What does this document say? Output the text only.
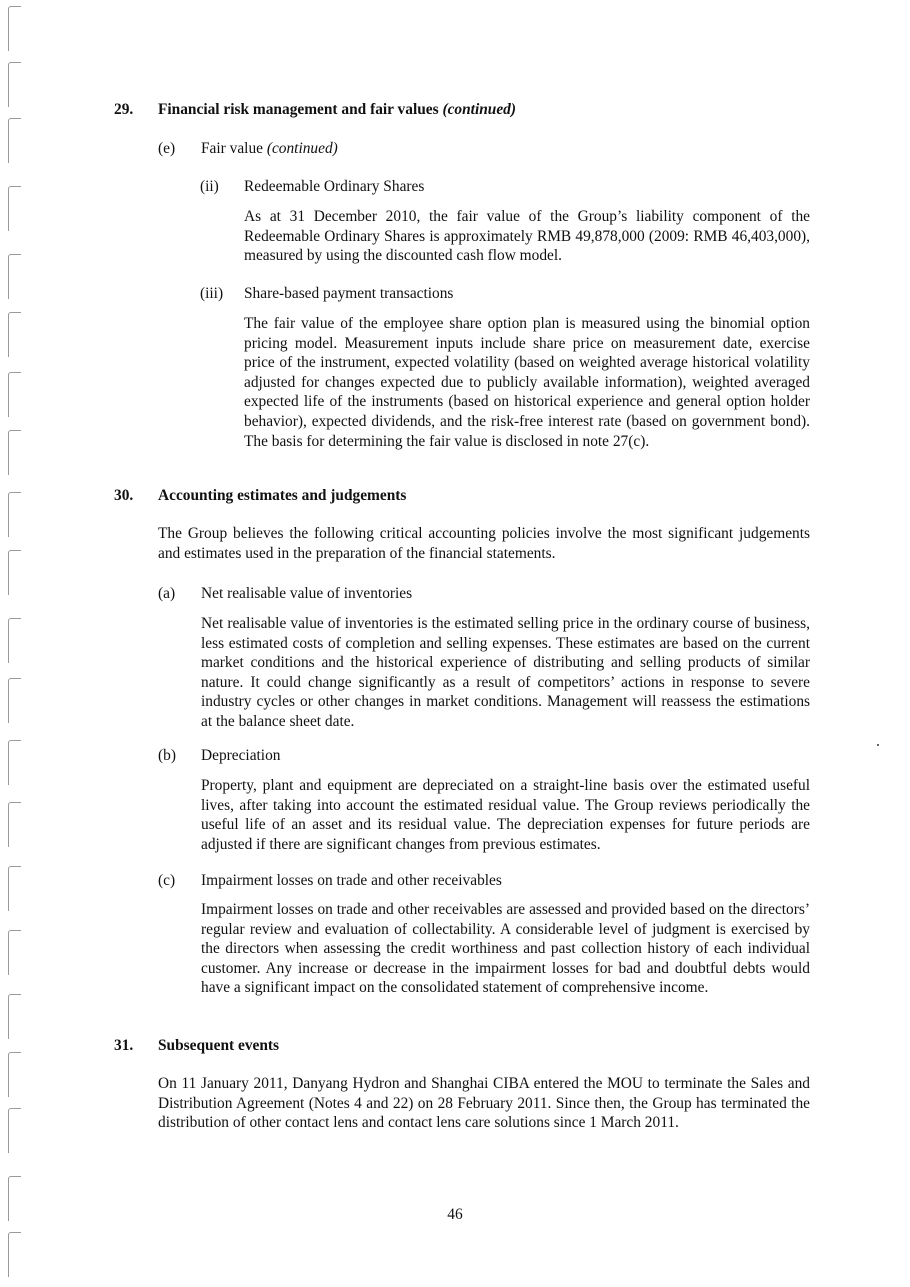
29. Financial risk management and fair values (continued)
(e) Fair value (continued)
(ii) Redeemable Ordinary Shares
As at 31 December 2010, the fair value of the Group’s liability component of the Redeemable Ordinary Shares is approximately RMB 49,878,000 (2009: RMB 46,403,000), measured by using the discounted cash flow model.
(iii) Share-based payment transactions
The fair value of the employee share option plan is measured using the binomial option pricing model. Measurement inputs include share price on measurement date, exercise price of the instrument, expected volatility (based on weighted average historical volatility adjusted for changes expected due to publicly available information), weighted averaged expected life of the instruments (based on historical experience and general option holder behavior), expected dividends, and the risk-free interest rate (based on government bond). The basis for determining the fair value is disclosed in note 27(c).
30. Accounting estimates and judgements
The Group believes the following critical accounting policies involve the most significant judgements and estimates used in the preparation of the financial statements.
(a) Net realisable value of inventories
Net realisable value of inventories is the estimated selling price in the ordinary course of business, less estimated costs of completion and selling expenses. These estimates are based on the current market conditions and the historical experience of distributing and selling products of similar nature. It could change significantly as a result of competitors’ actions in response to severe industry cycles or other changes in market conditions. Management will reassess the estimations at the balance sheet date.
(b) Depreciation
Property, plant and equipment are depreciated on a straight-line basis over the estimated useful lives, after taking into account the estimated residual value. The Group reviews periodically the useful life of an asset and its residual value. The depreciation expenses for future periods are adjusted if there are significant changes from previous estimates.
(c) Impairment losses on trade and other receivables
Impairment losses on trade and other receivables are assessed and provided based on the directors’ regular review and evaluation of collectability. A considerable level of judgment is exercised by the directors when assessing the credit worthiness and past collection history of each individual customer. Any increase or decrease in the impairment losses for bad and doubtful debts would have a significant impact on the consolidated statement of comprehensive income.
31. Subsequent events
On 11 January 2011, Danyang Hydron and Shanghai CIBA entered the MOU to terminate the Sales and Distribution Agreement (Notes 4 and 22) on 28 February 2011. Since then, the Group has terminated the distribution of other contact lens and contact lens care solutions since 1 March 2011.
46
